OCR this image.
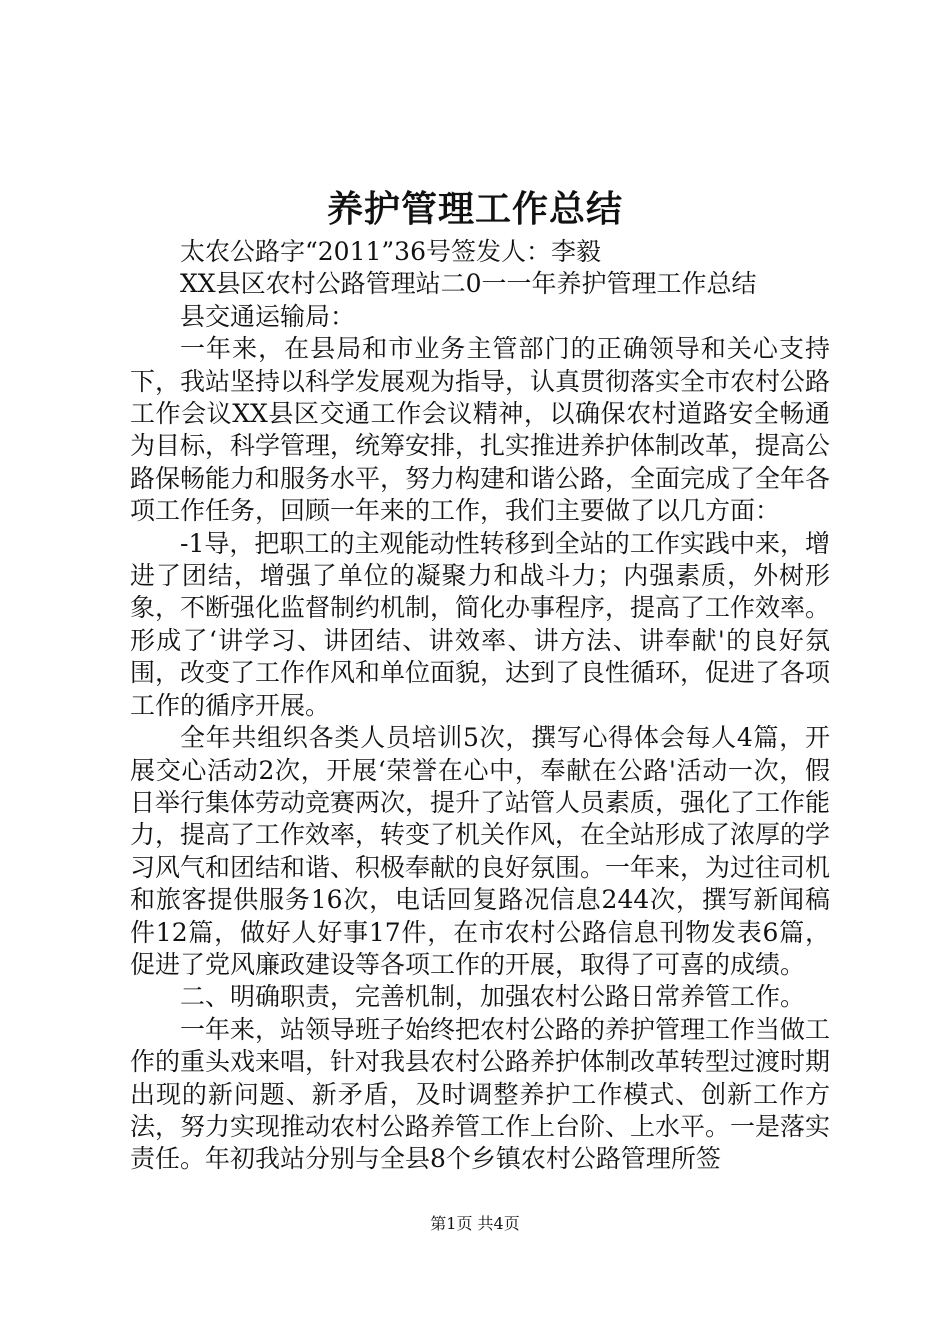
养护管理工作总结

太农公路字“2011”36号签发人：李毅

XX县区农村公路管理站二0一一年养护管理工作总结

县交通运输局：

一年来，在县局和市业务主管部门的正确领导和关心支持下，我站坚持以科学发展观为指导，认真贯彻落实全市农村公路工作会议XX县区交通工作会议精神，以确保农村道路安全畅通为目标，科学管理，统筹安排，扎实推进养护体制改革，提高公路保畅能力和服务水平，努力构建和谐公路，全面完成了全年各项工作任务，回顾一年来的工作，我们主要做了以几方面：

-1导，把职工的主观能动性转移到全站的工作实践中来，增进了团结，增强了单位的凝聚力和战斗力；内强素质，外树形象，不断强化监督制约机制，简化办事程序，提高了工作效率。形成了‘讲学习、讲团结、讲效率、讲方法、讲奉献'的良好氛围，改变了工作作风和单位面貌，达到了良性循环，促进了各项工作的循序开展。

全年共组织各类人员培训5次，撰写心得体会每人4篇，开展交心活动2次，开展‘荣誉在心中，奉献在公路'活动一次，假日举行集体劳动竞赛两次，提升了站管人员素质，强化了工作能力，提高了工作效率，转变了机关作风，在全站形成了浓厚的学习风气和团结和谐、积极奉献的良好氛围。一年来，为过往司机和旅客提供服务16次，电话回复路况信息244次，撰写新闻稿件12篇，做好人好事17件，在市农村公路信息刊物发表6篇，促进了党风廉政建设等各项工作的开展，取得了可喜的成绩。

二、明确职责，完善机制，加强农村公路日常养管工作。

一年来，站领导班子始终把农村公路的养护管理工作当做工作的重头戏来唱，针对我县农村公路养护体制改革转型过渡时期出现的新问题、新矛盾，及时调整养护工作模式、创新工作方法，努力实现推动农村公路养管工作上台阶、上水平。一是落实责任。年初我站分别与全县8个乡镇农村公路管理所签

第1页 共4页
